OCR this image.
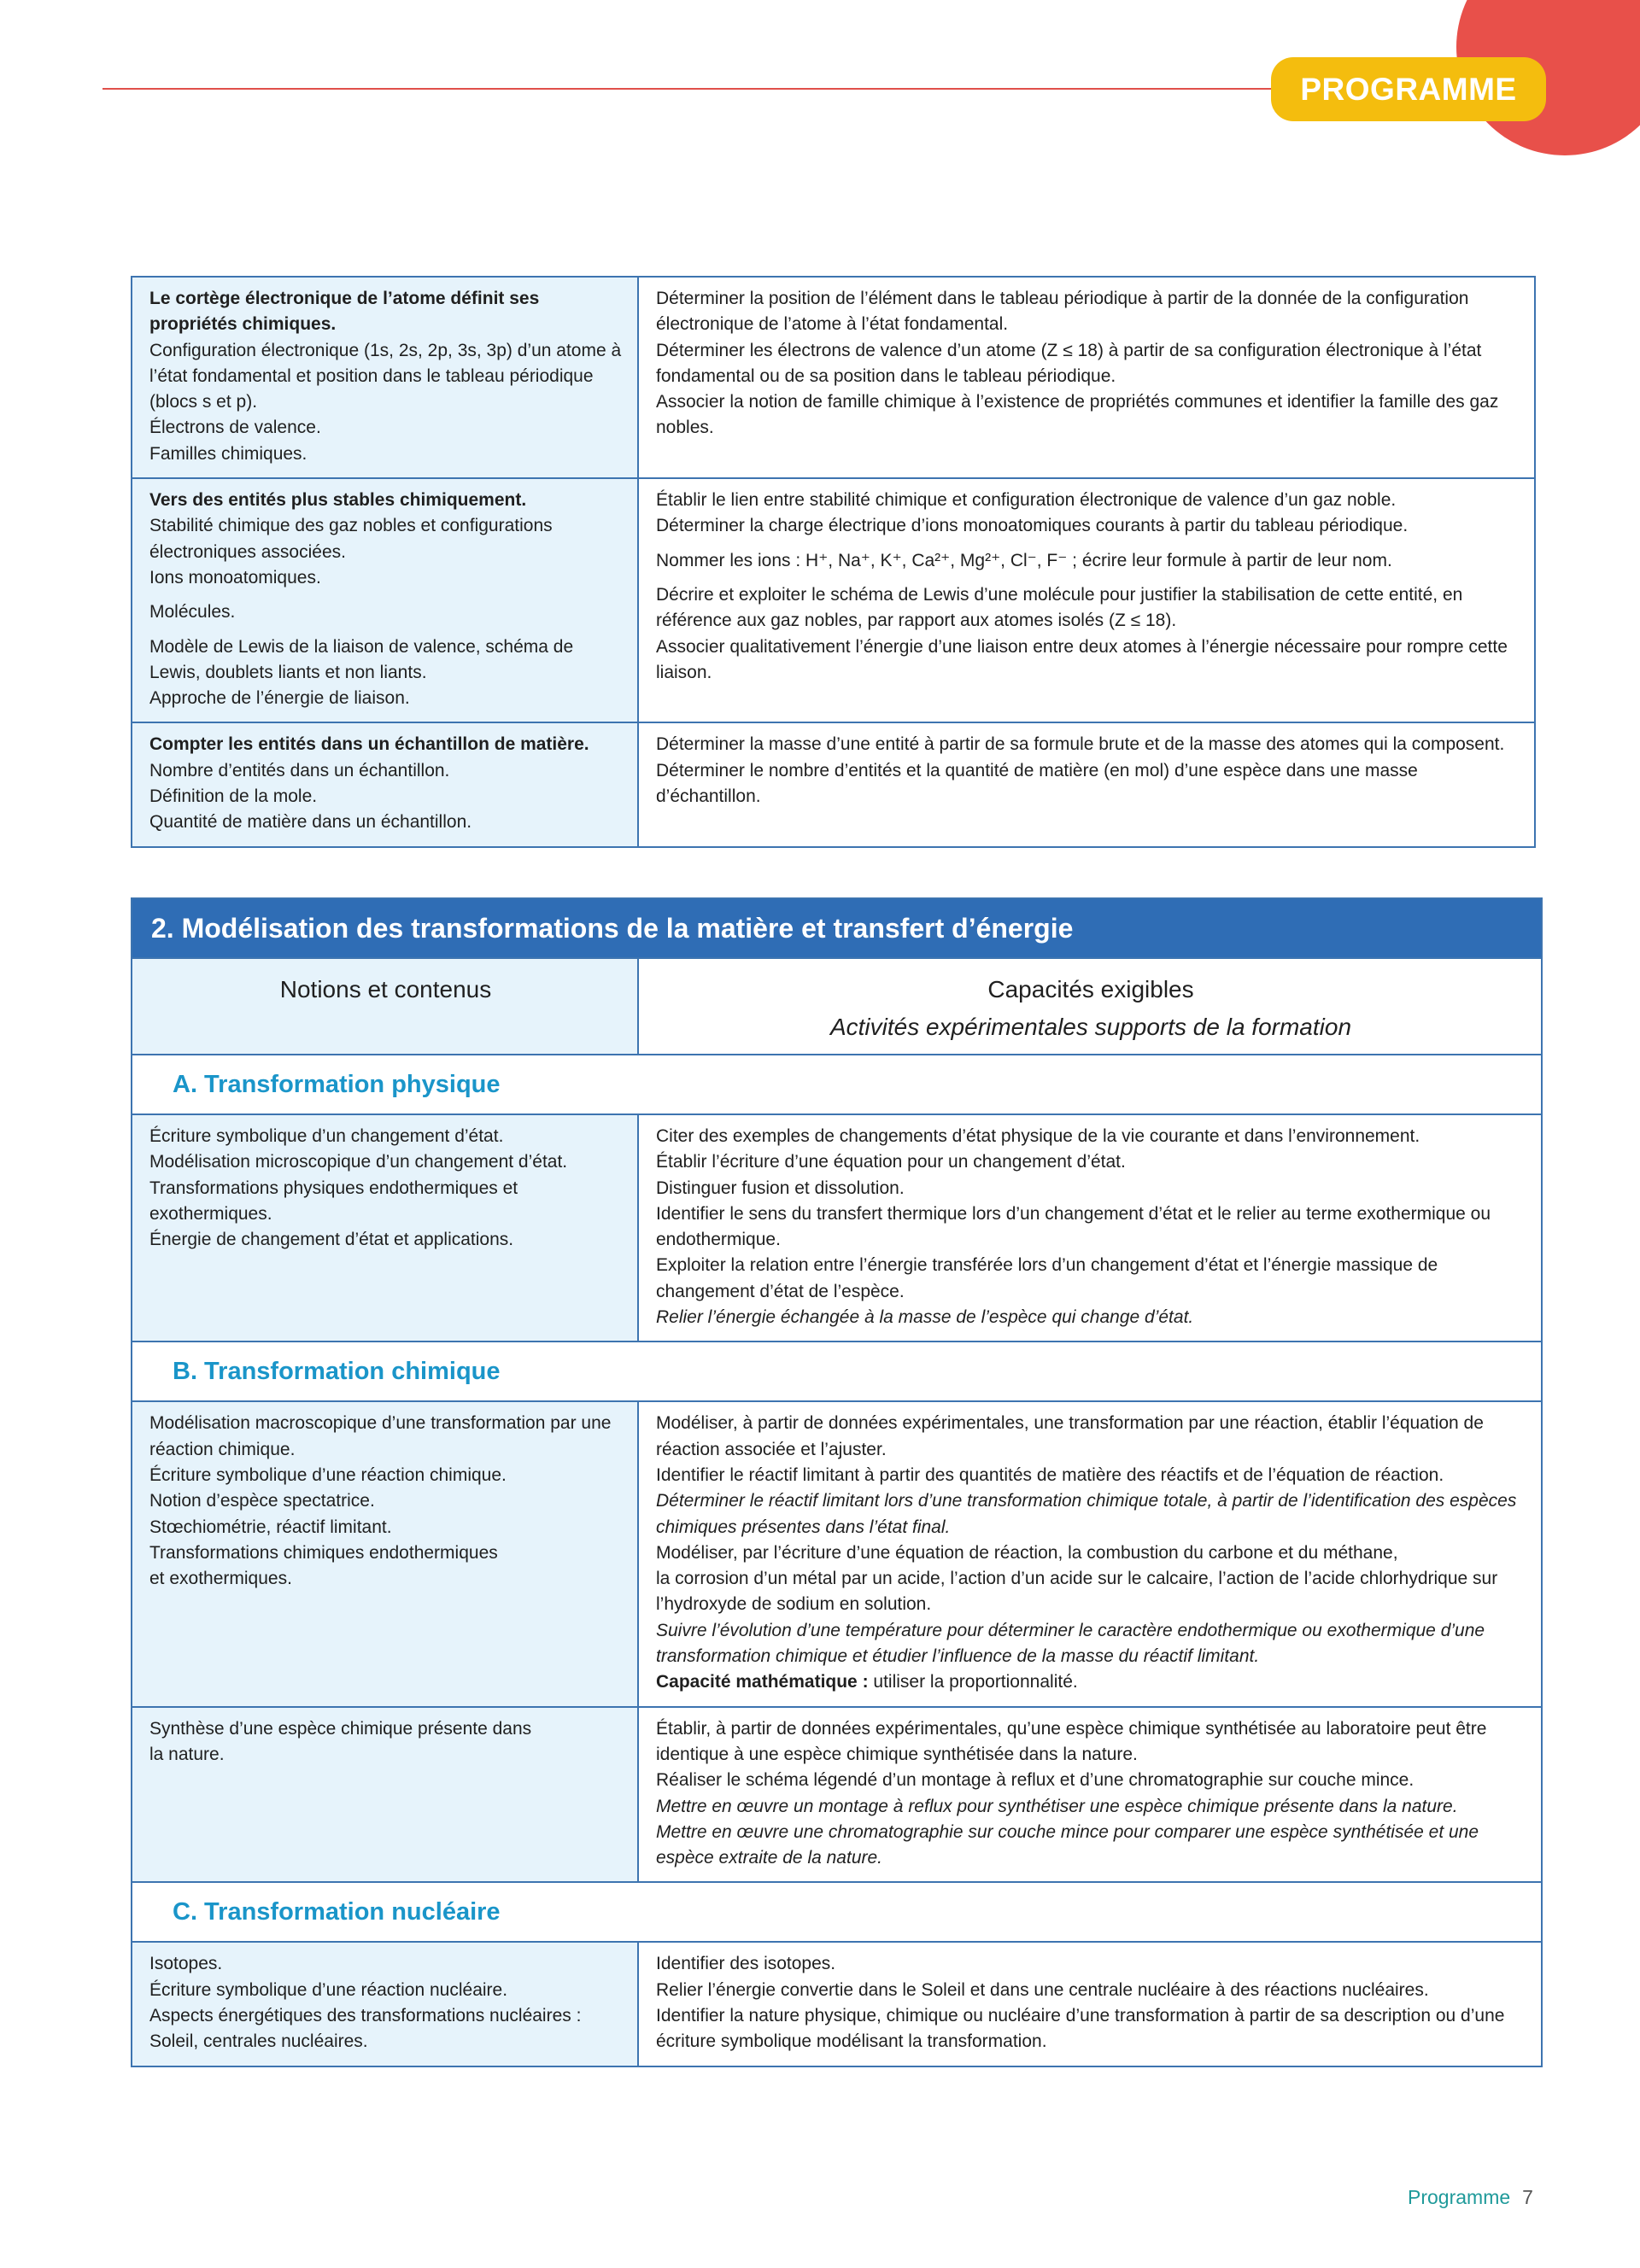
PROGRAMME
Le cortège électronique de l’atome définit ses propriétés chimiques.
Configuration électronique (1s, 2s, 2p, 3s, 3p) d’un atome à l’état fondamental et position dans le tableau périodique (blocs s et p).
Électrons de valence.
Familles chimiques.
Déterminer la position de l’élément dans le tableau périodique à partir de la donnée de la configuration électronique de l’atome à l’état fondamental.
Déterminer les électrons de valence d’un atome (Z ≤ 18) à partir de sa configuration électronique à l’état fondamental ou de sa position dans le tableau périodique.
Associer la notion de famille chimique à l’existence de propriétés communes et identifier la famille des gaz nobles.
Vers des entités plus stables chimiquement.
Stabilité chimique des gaz nobles et configurations électroniques associées.
Ions monoatomiques.
Molécules.
Modèle de Lewis de la liaison de valence, schéma de Lewis, doublets liants et non liants.
Approche de l’énergie de liaison.
Établir le lien entre stabilité chimique et configuration électronique de valence d’un gaz noble.
Déterminer la charge électrique d’ions monoatomiques courants à partir du tableau périodique.
Nommer les ions : H⁺, Na⁺, K⁺, Ca²⁺, Mg²⁺, Cl⁻, F⁻ ; écrire leur formule à partir de leur nom.
Décrire et exploiter le schéma de Lewis d’une molécule pour justifier la stabilisation de cette entité, en référence aux gaz nobles, par rapport aux atomes isolés (Z ≤ 18).
Associer qualitativement l’énergie d’une liaison entre deux atomes à l’énergie nécessaire pour rompre cette liaison.
Compter les entités dans un échantillon de matière.
Nombre d’entités dans un échantillon.
Définition de la mole.
Quantité de matière dans un échantillon.
Déterminer la masse d’une entité à partir de sa formule brute et de la masse des atomes qui la composent.
Déterminer le nombre d’entités et la quantité de matière (en mol) d’une espèce dans une masse d’échantillon.
2. Modélisation des transformations de la matière et transfert d’énergie
Notions et contenus	Capacités exigibles
Activités expérimentales supports de la formation
A. Transformation physique
Écriture symbolique d’un changement d’état.
Modélisation microscopique d’un changement d’état.
Transformations physiques endothermiques et exothermiques.
Énergie de changement d’état et applications.
Citer des exemples de changements d’état physique de la vie courante et dans l’environnement.
Établir l’écriture d’une équation pour un changement d’état.
Distinguer fusion et dissolution.
Identifier le sens du transfert thermique lors d’un changement d’état et le relier au terme exothermique ou endothermique.
Exploiter la relation entre l’énergie transférée lors d’un changement d’état et l’énergie massique de changement d’état de l’espèce.
Relier l’énergie échangée à la masse de l’espèce qui change d’état.
B. Transformation chimique
Modélisation macroscopique d’une transformation par une réaction chimique.
Écriture symbolique d’une réaction chimique.
Notion d’espèce spectatrice.
Stœchiométrie, réactif limitant.
Transformations chimiques endothermiques
et exothermiques.
Modéliser, à partir de données expérimentales, une transformation par une réaction, établir l’équation de réaction associée et l’ajuster.
Identifier le réactif limitant à partir des quantités de matière des réactifs et de l’équation de réaction.
Déterminer le réactif limitant lors d’une transformation chimique totale, à partir de l’identification des espèces chimiques présentes dans l’état final.
Modéliser, par l’écriture d’une équation de réaction, la combustion du carbone et du méthane,
la corrosion d’un métal par un acide, l’action d’un acide sur le calcaire, l’action de l’acide chlorhydrique sur l’hydroxyde de sodium en solution.
Suivre l’évolution d’une température pour déterminer le caractère endothermique ou exothermique d’une transformation chimique et étudier l’influence de la masse du réactif limitant.
Capacité mathématique : utiliser la proportionnalité.
Synthèse d’une espèce chimique présente dans
la nature.
Établir, à partir de données expérimentales, qu’une espèce chimique synthétisée au laboratoire peut être identique à une espèce chimique synthétisée dans la nature.
Réaliser le schéma légendé d’un montage à reflux et d’une chromatographie sur couche mince.
Mettre en œuvre un montage à reflux pour synthétiser une espèce chimique présente dans la nature.
Mettre en œuvre une chromatographie sur couche mince pour comparer une espèce synthétisée et une espèce extraite de la nature.
C. Transformation nucléaire
Isotopes.
Écriture symbolique d’une réaction nucléaire.
Aspects énergétiques des transformations nucléaires : Soleil, centrales nucléaires.
Identifier des isotopes.
Relier l’énergie convertie dans le Soleil et dans une centrale nucléaire à des réactions nucléaires.
Identifier la nature physique, chimique ou nucléaire d’une transformation à partir de sa description ou d’une écriture symbolique modélisant la transformation.
Programme 7
